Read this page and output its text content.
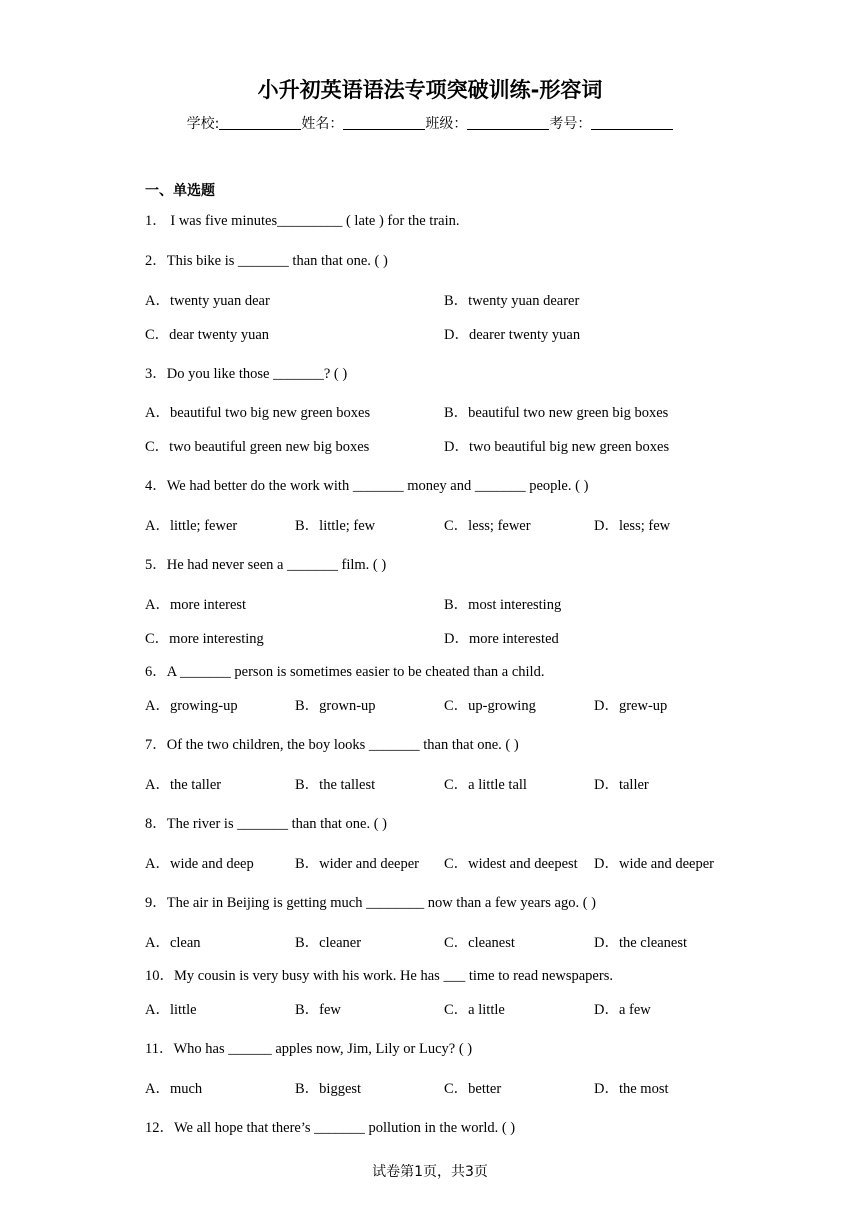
小升初英语语法专项突破训练-形容词
学校:	姓名：	班级：	考号：
一、单选题
1． I was five minutes_________ ( late ) for the train.
2．This bike is _______ than that one. ( )
A．twenty yuan dear	B．twenty yuan dearer
C．dear twenty yuan	D．dearer twenty yuan
3．Do you like those _______? ( )
A．beautiful two big new green boxes	B．beautiful two new green big boxes
C．two beautiful green new big boxes	D．two beautiful big new green boxes
4．We had better do the work with _______ money and _______ people. ( )
A．little; fewer	B．little; few	C．less; fewer	D．less; few
5．He had never seen a _______ film. ( )
A．more interest	B．most interesting
C．more interesting	D．more interested
6．A _______ person is sometimes easier to be cheated than a child.
A．growing-up	B．grown-up	C．up-growing	D．grew-up
7．Of the two children, the boy looks _______ than that one. ( )
A．the taller	B．the tallest	C．a little tall	D．taller
8．The river is _______ than that one. ( )
A．wide and deep	B．wider and deeper C．widest and deepest D．wide and deeper
9．The air in Beijing is getting much ________ now than a few years ago. ( )
A．clean	B．cleaner	C．cleanest	D．the cleanest
10．My cousin is very busy with his work. He has ___ time to read newspapers.
A．little	B．few	C．a little	D．a few
11．Who has ______ apples now, Jim, Lily or Lucy? ( )
A．much	B．biggest	C．better	D．the most
12．We all hope that there’s _______ pollution in the world. ( )
试卷第1页，共3页
